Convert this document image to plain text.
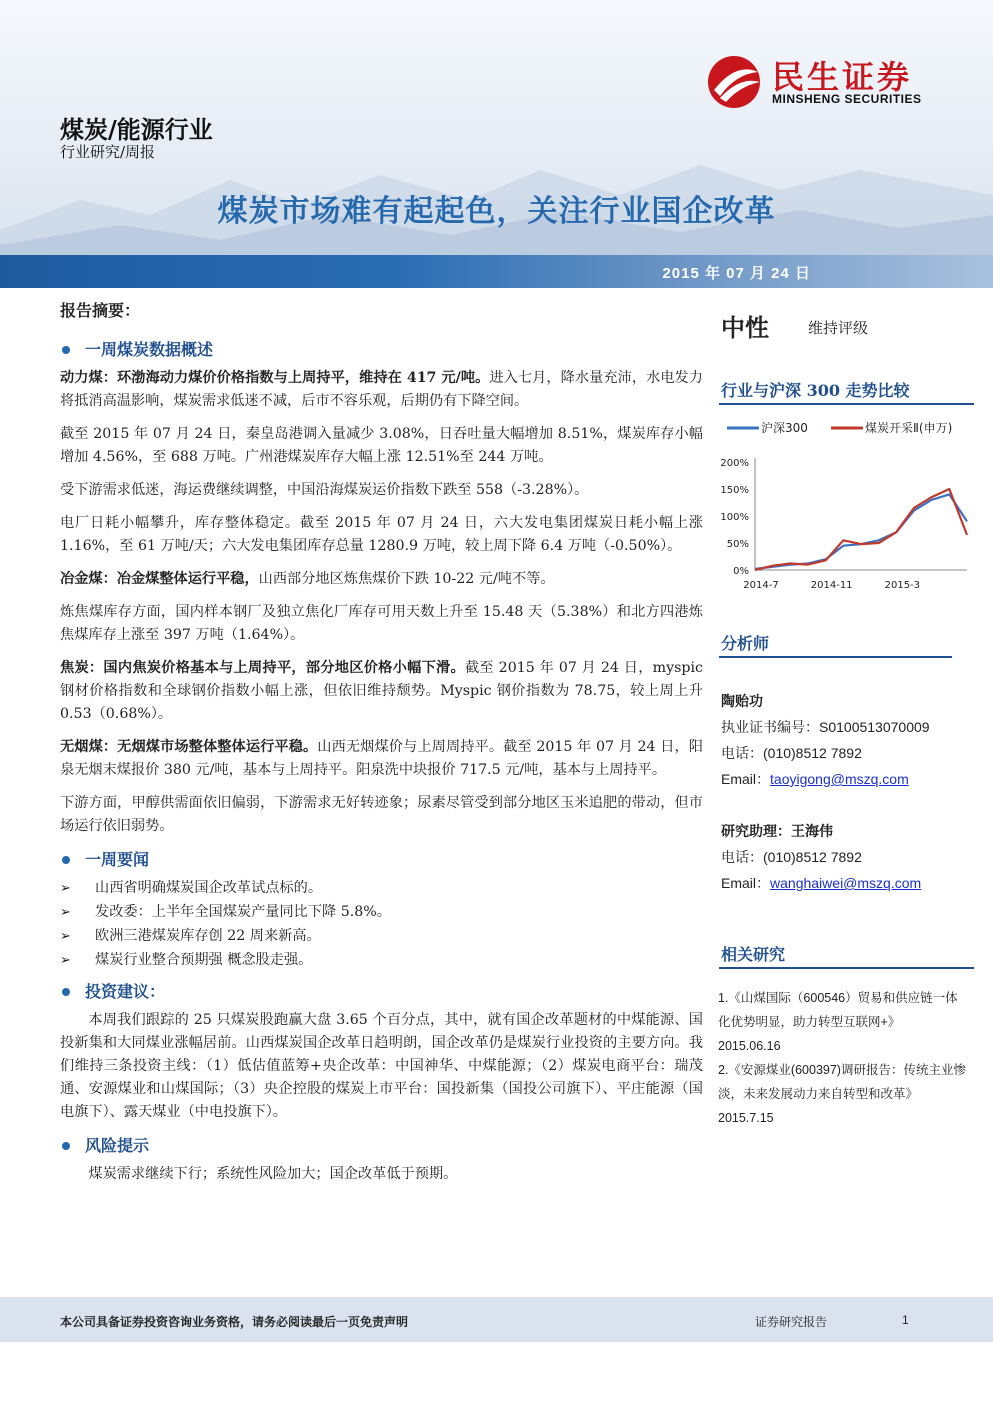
2015 年 07 月 24 日
民生证券
MINSHENG SECURITIES
煤炭/能源行业
行业研究/周报
煤炭市场难有起起色，关注行业国企改革
报告摘要：
一周煤炭数据概述

动力煤：环渤海动力煤价价格指数与上周持平，维持在 417 元/吨。进入七月，降水量充沛，水电发力将抵消高温影响，煤炭需求低迷不减，后市不容乐观，后期仍有下降空间。

截至 2015 年 07 月 24 日，秦皇岛港调入量减少 3.08%，日吞吐量大幅增加 8.51%，煤炭库存小幅增加 4.56%，至 688 万吨。广州港煤炭库存大幅上涨 12.51%至 244 万吨。

受下游需求低迷，海运费继续调整，中国沿海煤炭运价指数下跌至 558（-3.28%）。

电厂日耗小幅攀升，库存整体稳定。截至 2015 年 07 月 24 日，六大发电集团煤炭日耗小幅上涨 1.16%，至 61 万吨/天；六大发电集团库存总量 1280.9 万吨，较上周下降 6.4 万吨（-0.50%）。

冶金煤：冶金煤整体运行平稳，山西部分地区炼焦煤价下跌 10-22 元/吨不等。

炼焦煤库存方面，国内样本钢厂及独立焦化厂库存可用天数上升至 15.48 天（5.38%）和北方四港炼焦煤库存上涨至 397 万吨（1.64%）。

焦炭：国内焦炭价格基本与上周持平，部分地区价格小幅下滑。截至 2015 年 07 月 24 日，myspic 钢材价格指数和全球钢价指数小幅上涨，但依旧维持颓势。Myspic 钢价指数为 78.75，较上周上升 0.53（0.68%）。

无烟煤：无烟煤市场整体整体运行平稳。山西无烟煤价与上周周持平。截至 2015 年 07 月 24 日，阳泉无烟末煤报价 380 元/吨，基本与上周持平。阳泉洗中块报价 717.5 元/吨，基本与上周持平。

下游方面，甲醇供需面依旧偏弱，下游需求无好转迹象；尿素尽管受到部分地区玉米追肥的带动，但市场运行依旧弱势。

一周要闻
➢	山西省明确煤炭国企改革试点标的。
➢	发改委：上半年全国煤炭产量同比下降 5.8%。
➢	欧洲三港煤炭库存创 22 周来新高。
➢	煤炭行业整合预期强 概念股走强。
投资建议：

本周我们跟踪的 25 只煤炭股跑赢大盘 3.65 个百分点，其中，就有国企改革题材的中煤能源、国投新集和大同煤业涨幅居前。山西煤炭国企改革日趋明朗，国企改革仍是煤炭行业投资的主要方向。我们维持三条投资主线：（1）低估值蓝筹+央企改革：中国神华、中煤能源；（2）煤炭电商平台：瑞茂通、安源煤业和山煤国际；（3）央企控股的煤炭上市平台：国投新集（国投公司旗下）、平庄能源（国电旗下）、露天煤业（中电投旗下）。

风险提示

煤炭需求继续下行；系统性风险加大；国企改革低于预期。

中性	维持评级
行业与沪深 300 走势比较
沪深300	煤炭开采Ⅱ(申万)
200%
150%
100%
50%
0%
2014-7	2014-11	2015-3
分析师
陶贻功
执业证书编号：S0100513070009
电话：(010)8512 7892
Email：taoyigong@mszq.com
研究助理：王海伟
电话：(010)8512 7892
Email：wanghaiwei@mszq.com
相关研究
1.《山煤国际（600546）贸易和供应链一体化优势明显，助力转型互联网+》
2015.06.16
2.《安源煤业(600397)调研报告：传统主业惨淡，未来发展动力来自转型和改革》
2015.7.15
本公司具备证券投资咨询业务资格，请务必阅读最后一页免责声明	证券研究报告	1
